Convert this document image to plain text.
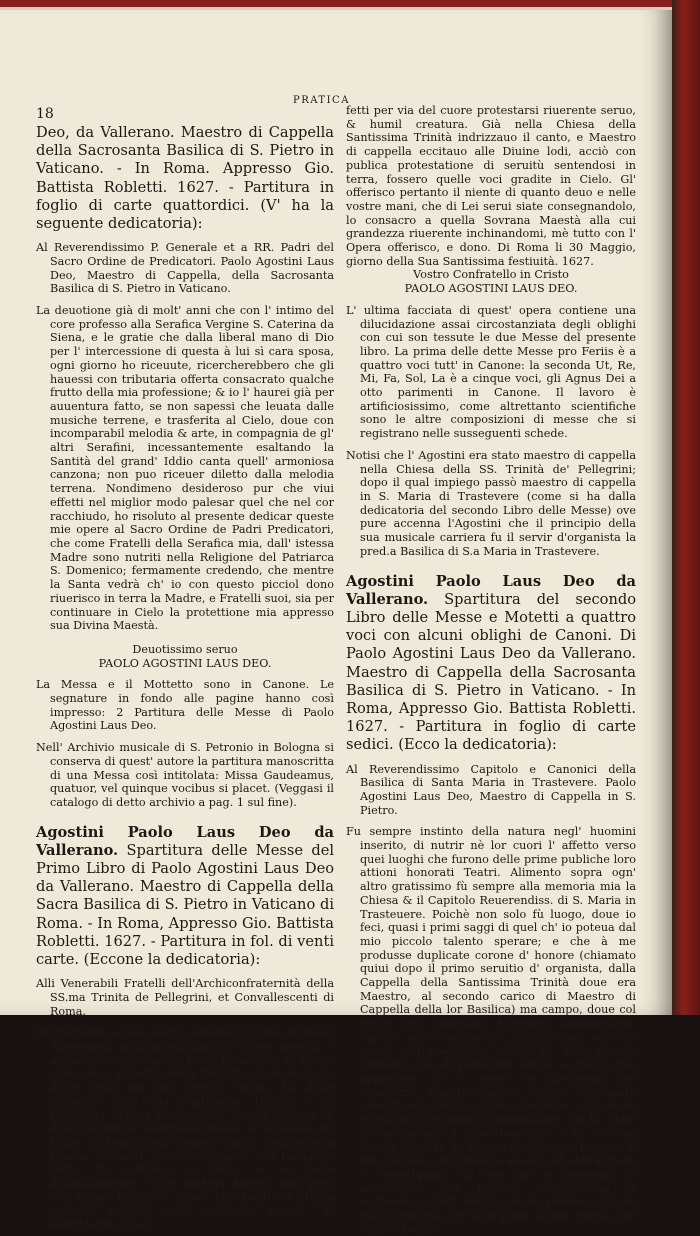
18
PRATICA

Deo, da Vallerano. Maestro di Cappella della Sacrosanta Basilica di S. Pietro in Vaticano. - In Roma. Appresso Gio. Battista Robletti. 1627. - Partitura in foglio di carte quattordici. (V' ha la seguente dedicatoria):

Al Reverendissimo P. Generale et a RR. Padri del Sacro Ordine de Predicatori. Paolo Agostini Laus Deo, Maestro di Cappella, della Sacrosanta Basilica di S. Pietro in Vaticano.

La deuotione già di molt' anni che con l' intimo del core professo alla Serafica Vergine S. Caterina da Siena, e le gratie che dalla liberal mano di Dio per l' intercessione di questa à lui sì cara sposa, ogni giorno ho riceuute, ricercherebbero che gli hauessi con tributaria offerta consacrato qualche frutto della mia professione; & io l' haurei già per auuentura fatto, se non sapessi che leuata dalle musiche terrene, e trasferita al Cielo, doue con incomparabil melodia & arte, in compagnia de gl' altri Serafini, incessantemente esaltando la Santità del grand' Iddio canta quell' armoniosa canzona; non puo riceuer diletto dalla melodia terrena. Nondimeno desideroso pur che viui effetti nel miglior modo palesar quel che nel cor racchiudo, ho risoluto al presente dedicar queste mie opere al Sacro Ordine de Padri Predicatori, che come Fratelli della Serafica mia, dall' istessa Madre sono nutriti nella Religione del Patriarca S. Domenico; fermamente credendo, che mentre la Santa vedrà ch' io con questo picciol dono riuerisco in terra la Madre, e Fratelli suoi, sia per continuare in Cielo la protettione mia appresso sua Divina Maestà.

Deuotissimo seruo

PAOLO AGOSTINI LAUS DEO.

La Messa e il Mottetto sono in Canone. Le segnature in fondo alle pagine hanno così impresso: 2 Partitura delle Messe di Paolo Agostini Laus Deo.

Nell' Archivio musicale di S. Petronio in Bologna si conserva di quest' autore la partitura manoscritta di una Messa così intitolata: Missa Gaudeamus, quatuor, vel quinque vocibus si placet. (Veggasi il catalogo di detto archivio a pag. 1 sul fine).

Agostini Paolo Laus Deo da Vallerano. Spartitura delle Messe del Primo Libro di Paolo Agostini Laus Deo da Vallerano. Maestro di Cappella della Sacra Basilica di S. Pietro in Vaticano di Roma. - In Roma, Appresso Gio. Battista Robletti. 1627. - Partitura in fol. di venti carte. (Eccone la dedicatoria):

Alli Venerabili Fratelli dell'Archiconfraternità della SS.ma Trinita de Pellegrini, et Convallescenti di Roma.

Divinamente al suo solito parlando il gran Dionisio Areopagita della grandezza di Chiesa nostra, l' agguagliò à quella de Beati trionfante in Cielo, che assisa al soglio della Diuinità, gode beata la dolce vista del suo celeste sposo. La doue cantando lode alla Santissima Trinità, e in Paregirici Celesti snodando la lingua, risuona in dolci accenti la Santità del Padre, la Sapienza del Figlio, la Bontà dello Spirito Santo. Nella nostra Chiesa militante (Germe, e parto del Paradiso) Iddio di continuo si loda, e se bene disugualmente e con diuerso affetto, non però con minor brama e desio; Qui beato si pregia poterlo seruire ogni mortale spirito, & indrizzando gl' af-

fetti per via del cuore protestarsi riuerente seruo, & humil creatura. Già nella Chiesa della Santissima Trinità indrizzauo il canto, e Maestro di cappella eccitauo alle Diuine lodi, acciò con publica protestatione di seruitù sentendosi in terra, fossero quelle voci gradite in Cielo. Gl' offerisco pertanto il niente di quanto deuo e nelle vostre mani, che di Lei serui siate consegnandolo, lo consacro a quella Sovrana Maestà alla cui grandezza riuerente inchinandomi, mè tutto con l' Opera offerisco, e dono. Di Roma li 30 Maggio, giorno della Sua Santissima festiuità. 1627.

Vostro Confratello in Cristo

PAOLO AGOSTINI LAUS DEO.

L' ultima facciata di quest' opera contiene una dilucidazione assai circostanziata degli oblighi con cui son tessute le due Messe del presente libro. La prima delle dette Messe pro Feriis è a quattro voci tutt' in Canone: la seconda Ut, Re, Mi, Fa, Sol, La è a cinque voci, gli Agnus Dei a otto parimenti in Canone. Il lavoro è artificiosissimo, come altrettanto scientifiche sono le altre composizioni di messe che si registrano nelle susseguenti schede.

Notisi che l' Agostini era stato maestro di cappella nella Chiesa della SS. Trinità de' Pellegrini; dopo il qual impiego passò maestro di cappella in S. Maria di Trastevere (come si ha dalla dedicatoria del secondo Libro delle Messe) ove pure accenna l'Agostini che il principio della sua musicale carriera fu il servir d'organista la pred.a Basilica di S.a Maria in Trastevere.

Agostini Paolo Laus Deo da Vallerano. Spartitura del secondo Libro delle Messe e Motetti a quattro voci con alcuni oblighi de Canoni. Di Paolo Agostini Laus Deo da Vallerano. Maestro di Cappella della Sacrosanta Basilica di S. Pietro in Vaticano. - In Roma, Appresso Gio. Battista Robletti. 1627. - Partitura in foglio di carte sedici. (Ecco la dedicatoria):

Al Reverendissimo Capitolo e Canonici della Basilica di Santa Maria in Trastevere. Paolo Agostini Laus Deo, Maestro di Cappella in S. Pietro.

Fu sempre instinto della natura negl' huomini inserito, di nutrir nè lor cuori l' affetto verso quei luoghi che furono delle prime publiche loro attioni honorati Teatri. Alimento sopra ogn' altro gratissimo fù sempre alla memoria mia la Chiesa & il Capitolo Reuerendiss. di S. Maria in Trasteuere. Poichè non solo fù luogo, doue io feci, quasi i primi saggi di quel ch' io poteua dal mio piccolo talento sperare; e che à me produsse duplicate corone d' honore (chiamato quiui dopo il primo seruitio d' organista, dalla Cappella della Santissima Trinità doue era Maestro, al secondo carico di Maestro di Cappella della lor Basilica) ma campo, doue col mezzo del continuato essercitio guadagnando vigore, potei acquistare habilità non solo de seruir nel medesimo vfficio ad altre Chiese eminenti, ma di peruenire anche a quel colmo maggiore, ch' è scopo de professori del comporre. Queste cagioni furono veramente potenti ad obligare il mio desiderio à bramare occasioni di mostrar la gratitudine con la quale io corrispondo a tanto beneficio; e la cortesia con la quale fù da loro in quel tempo fauorito il mio seruitio, mi prouoca adesso ad abbracciare l' opportunità ch' ora mi si presenta di autenticare con publica testificatione la confessione dell' debito che le professo (quale ella si sia) già che non posso hauer quella che vorrei. Dedico,
